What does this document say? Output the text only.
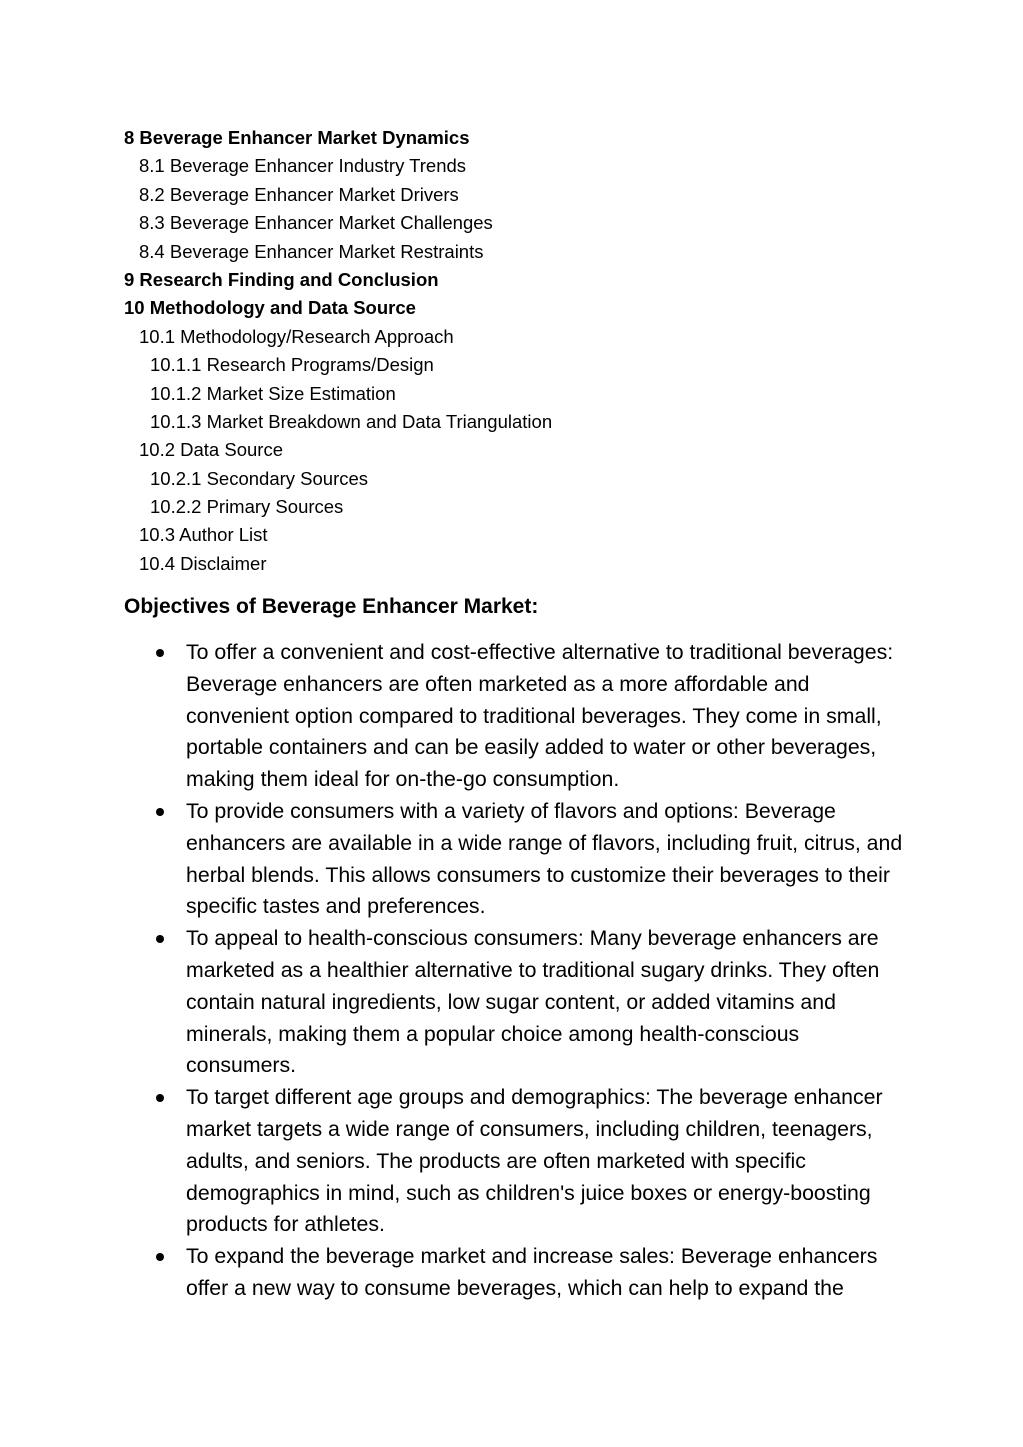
8 Beverage Enhancer Market Dynamics
8.1 Beverage Enhancer Industry Trends
8.2 Beverage Enhancer Market Drivers
8.3 Beverage Enhancer Market Challenges
8.4 Beverage Enhancer Market Restraints
9 Research Finding and Conclusion
10 Methodology and Data Source
10.1 Methodology/Research Approach
10.1.1 Research Programs/Design
10.1.2 Market Size Estimation
10.1.3 Market Breakdown and Data Triangulation
10.2 Data Source
10.2.1 Secondary Sources
10.2.2 Primary Sources
10.3 Author List
10.4 Disclaimer
Objectives of Beverage Enhancer Market:
To offer a convenient and cost-effective alternative to traditional beverages: Beverage enhancers are often marketed as a more affordable and convenient option compared to traditional beverages. They come in small, portable containers and can be easily added to water or other beverages, making them ideal for on-the-go consumption.
To provide consumers with a variety of flavors and options: Beverage enhancers are available in a wide range of flavors, including fruit, citrus, and herbal blends. This allows consumers to customize their beverages to their specific tastes and preferences.
To appeal to health-conscious consumers: Many beverage enhancers are marketed as a healthier alternative to traditional sugary drinks. They often contain natural ingredients, low sugar content, or added vitamins and minerals, making them a popular choice among health-conscious consumers.
To target different age groups and demographics: The beverage enhancer market targets a wide range of consumers, including children, teenagers, adults, and seniors. The products are often marketed with specific demographics in mind, such as children's juice boxes or energy-boosting products for athletes.
To expand the beverage market and increase sales: Beverage enhancers offer a new way to consume beverages, which can help to expand the
